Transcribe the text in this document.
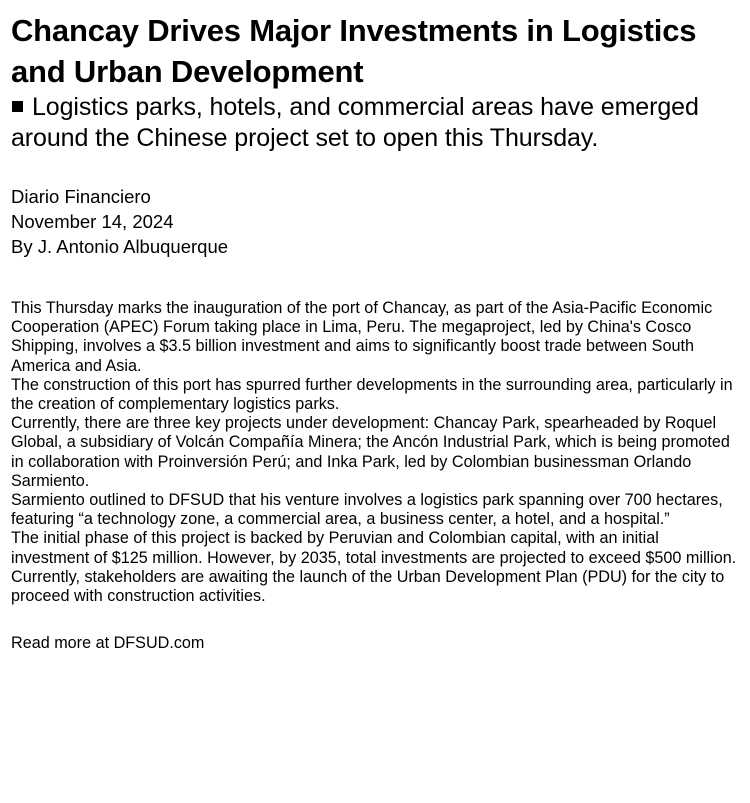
Chancay Drives Major Investments in Logistics and Urban Development
Logistics parks, hotels, and commercial areas have emerged around the Chinese project set to open this Thursday.
Diario Financiero
November 14, 2024
By J. Antonio Albuquerque

This Thursday marks the inauguration of the port of Chancay, as part of the Asia-Pacific Economic Cooperation (APEC) Forum taking place in Lima, Peru. The megaproject, led by China's Cosco Shipping, involves a $3.5 billion investment and aims to significantly boost trade between South America and Asia.

The construction of this port has spurred further developments in the surrounding area, particularly in the creation of complementary logistics parks.

Currently, there are three key projects under development: Chancay Park, spearheaded by Roquel Global, a subsidiary of Volcán Compañía Minera; the Ancón Industrial Park, which is being promoted in collaboration with Proinversión Perú; and Inka Park, led by Colombian businessman Orlando Sarmiento.

Sarmiento outlined to DFSUD that his venture involves a logistics park spanning over 700 hectares, featuring “a technology zone, a commercial area, a business center, a hotel, and a hospital.”

The initial phase of this project is backed by Peruvian and Colombian capital, with an initial investment of $125 million. However, by 2035, total investments are projected to exceed $500 million.

Currently, stakeholders are awaiting the launch of the Urban Development Plan (PDU) for the city to proceed with construction activities.

Read more at DFSUD.com
